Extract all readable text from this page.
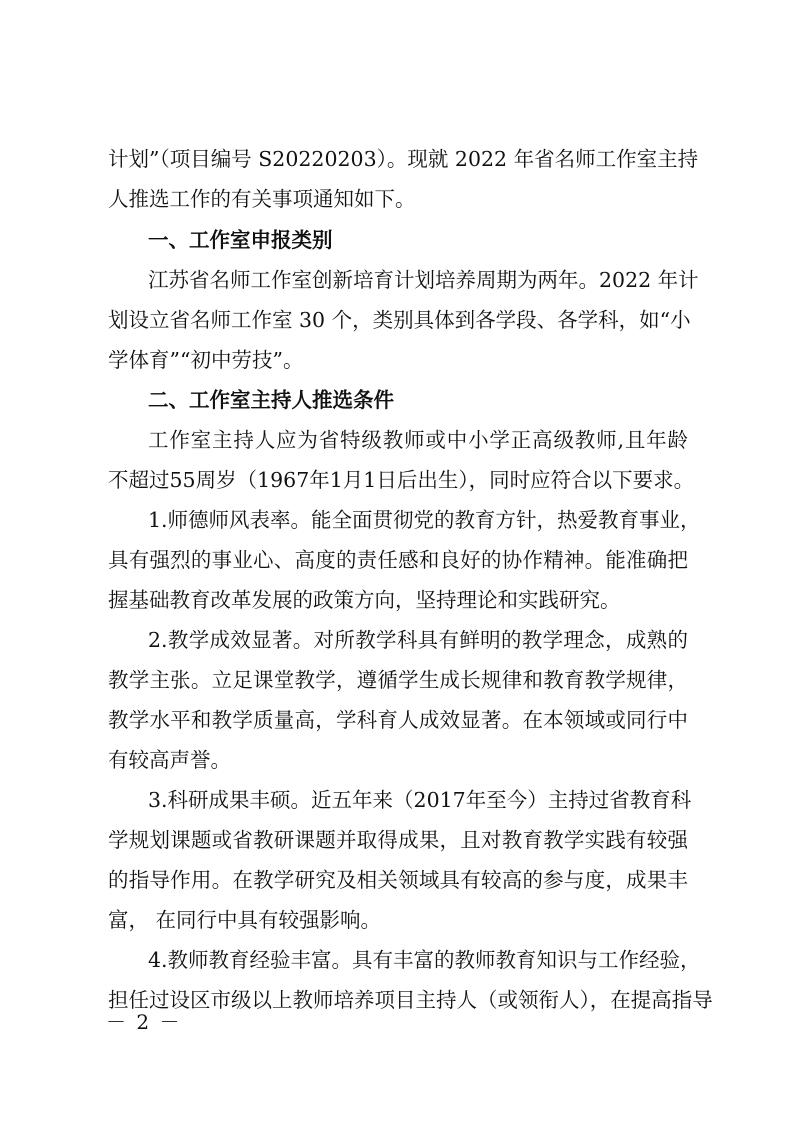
计划”（项目编号 S20220203）。现就 2022 年省名师工作室主持
人推选工作的有关事项通知如下。
一、工作室申报类别
江苏省名师工作室创新培育计划培养周期为两年。2022 年计
划设立省名师工作室 30 个，类别具体到各学段、各学科，如“小
学体育”“初中劳技”。
二、工作室主持人推选条件
工作室主持人应为省特级教师或中小学正高级教师,且年龄
不超过55周岁（1967年1月1日后出生），同时应符合以下要求。
1.师德师风表率。能全面贯彻党的教育方针，热爱教育事业，
具有强烈的事业心、高度的责任感和良好的协作精神。能准确把
握基础教育改革发展的政策方向，坚持理论和实践研究。
2.教学成效显著。对所教学科具有鲜明的教学理念，成熟的
教学主张。立足课堂教学，遵循学生成长规律和教育教学规律，
教学水平和教学质量高，学科育人成效显著。在本领域或同行中
有较高声誉。
3.科研成果丰硕。近五年来（2017年至今）主持过省教育科
学规划课题或省教研课题并取得成果，且对教育教学实践有较强
的指导作用。在教学研究及相关领域具有较高的参与度，成果丰
富， 在同行中具有较强影响。
4.教师教育经验丰富。具有丰富的教师教育知识与工作经验，
担任过设区市级以上教师培养项目主持人（或领衔人），在提高指导
－ 2 －
